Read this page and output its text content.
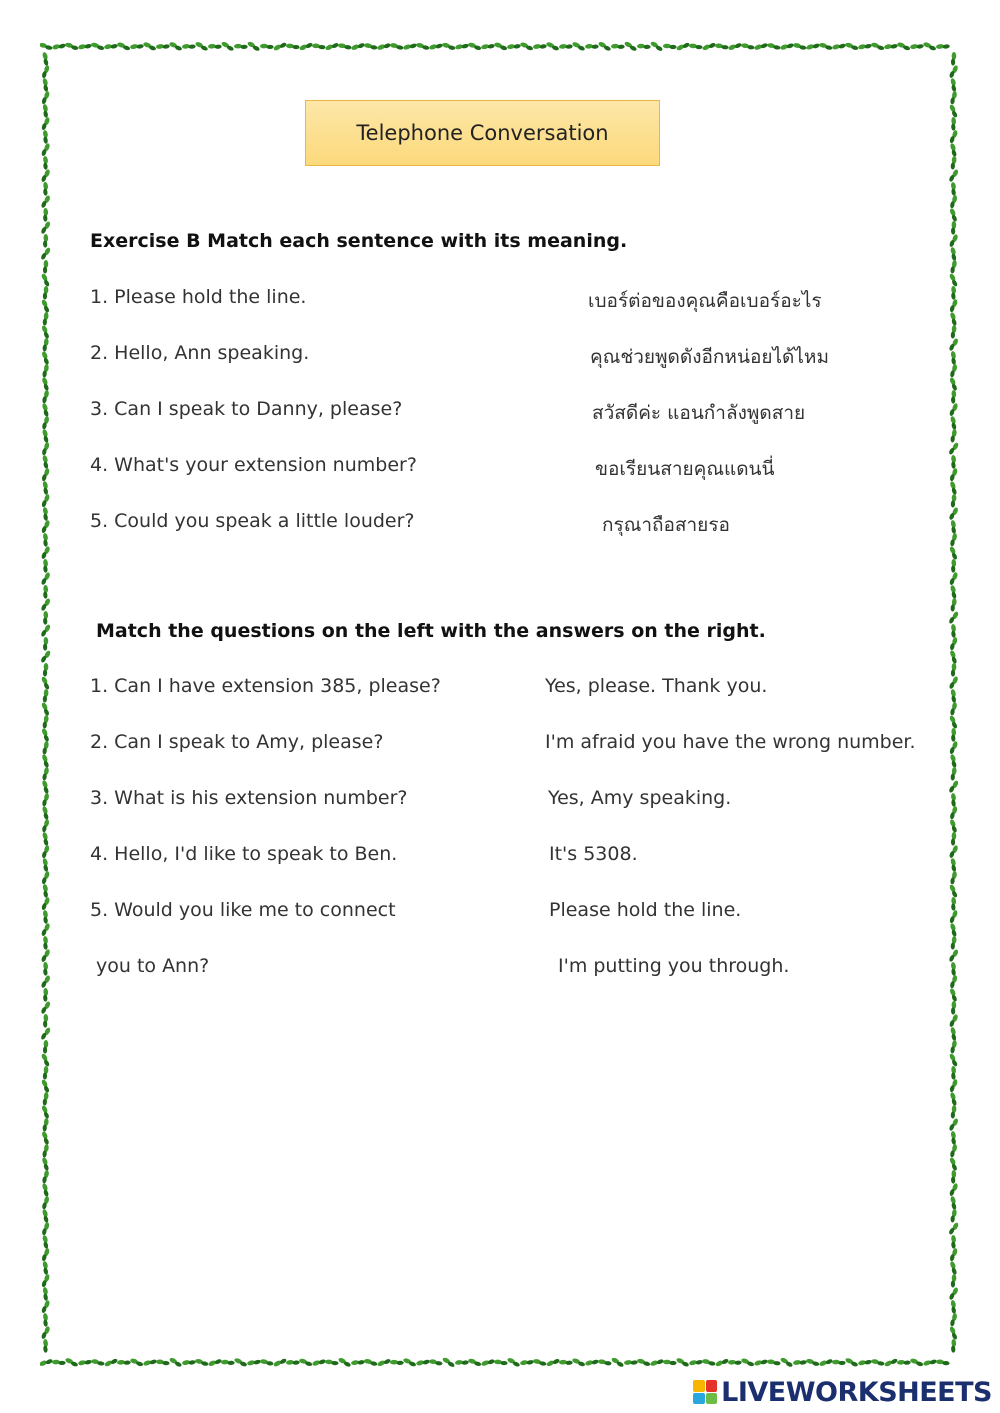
Telephone Conversation
Exercise B Match each sentence with its meaning.
1. Please hold the line.	เบอร์ต่อของคุณคือเบอร์อะไร
2. Hello, Ann speaking.	คุณช่วยพูดดังอีกหน่อยได้ไหม
3. Can I speak to Danny, please?	สวัสดีค่ะ แอนกำลังพูดสาย
4. What's your extension number?	ขอเรียนสายคุณแดนนี่
5. Could you speak a little louder?	กรุณาถือสายรอ
Match the questions on the left with the answers on the right.
1. Can I have extension 385, please?	Yes, please. Thank you.
2. Can I speak to Amy, please?	I'm afraid you have the wrong number.
3. What is his extension number?	Yes, Amy speaking.
4. Hello, I'd like to speak to Ben.	It's 5308.
5. Would you like me to connect	Please hold the line.
you to Ann?	I'm putting you through.
LIVEWORKSHEETS
